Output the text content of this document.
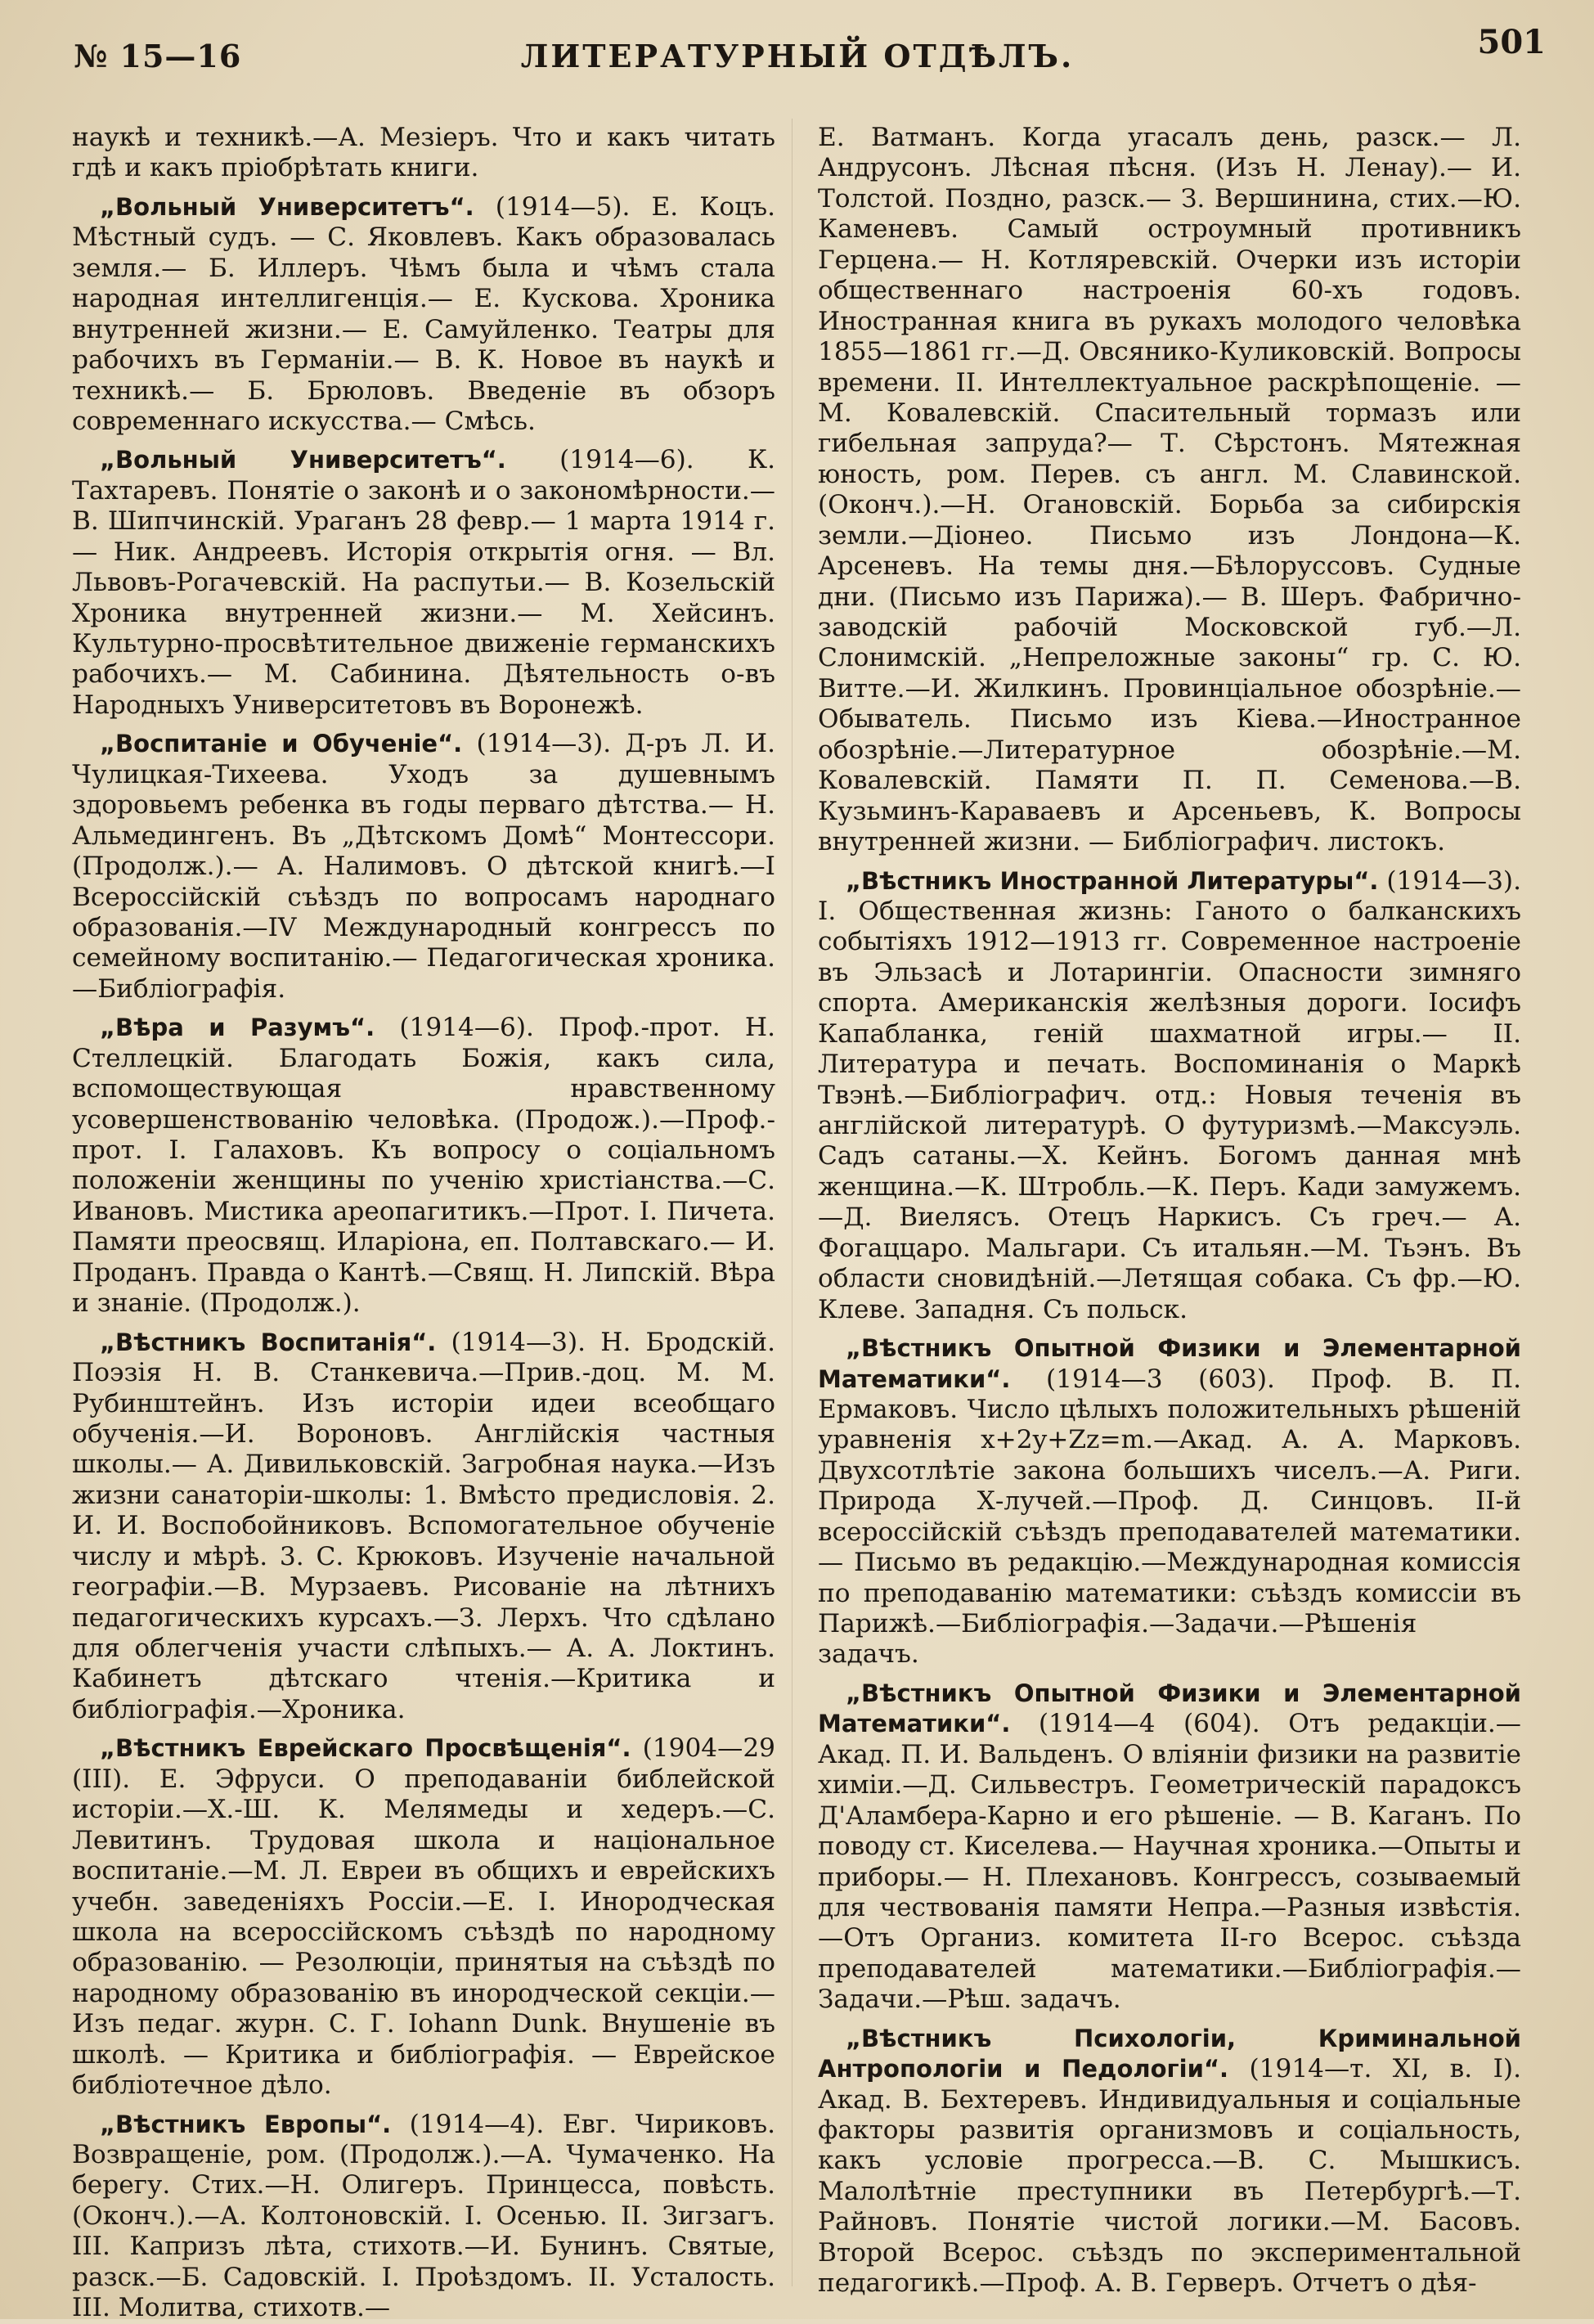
№ 15—16	ЛИТЕРАТУРНЫЙ ОТДѢЛЪ.	501

наукѣ и техникѣ.—А. Мезіеръ. Что и какъ читать гдѣ и какъ пріобрѣтать книги.

„Вольный Университетъ“. (1914—5). Е. Коцъ. Мѣстный судъ. — С. Яковлевъ. Какъ образовалась земля.— Б. Иллеръ. Чѣмъ была и чѣмъ стала народная интеллигенція.— Е. Кускова. Хроника внутренней жизни.— Е. Самуйленко. Театры для рабочихъ въ Германіи.— В. К. Новое въ наукѣ и техникѣ.— Б. Брюловъ. Введеніе въ обзоръ современнаго искусства.— Смѣсь.

„Вольный Университетъ“. (1914—6). К. Тахтаревъ. Понятіе о законѣ и о закономѣрности.— В. Шипчинскій. Ураганъ 28 февр.— 1 марта 1914 г.— Ник. Андреевъ. Исторія открытія огня. — Вл. Львовъ-Рогачевскій. На распутьи.— В. Козельскій Хроника внутренней жизни.— М. Хейсинъ. Культурно-просвѣтительное движеніе германскихъ рабочихъ.— М. Сабинина. Дѣятельность о-въ Народныхъ Университетовъ въ Воронежѣ.

„Воспитаніе и Обученіе“. (1914—3). Д-ръ Л. И. Чулицкая-Тихеева. Уходъ за душевнымъ здоровьемъ ребенка въ годы перваго дѣтства.— Н. Альмедингенъ. Въ „Дѣтскомъ Домѣ“ Монтессори. (Продолж.).— А. Налимовъ. О дѣтской книгѣ.—I Всероссійскій съѣздъ по вопросамъ народнаго образованія.—IV Международный конгрессъ по семейному воспитанію.— Педагогическая хроника.—Библіографія.

„Вѣра и Разумъ“. (1914—6). Проф.-прот. Н. Стеллецкій. Благодать Божія, какъ сила, вспомоществующая нравственному усовершенствованію человѣка. (Продож.).—Проф.-прот. І. Галаховъ. Къ вопросу о соціальномъ положеніи женщины по ученію христіанства.—С. Ивановъ. Мистика ареопагитикъ.—Прот. І. Пичета. Памяти преосвящ. Иларіона, еп. Полтавскаго.— И. Проданъ. Правда о Кантѣ.—Свящ. Н. Липскій. Вѣра и знаніе. (Продолж.).

„Вѣстникъ Воспитанія“. (1914—3). Н. Бродскій. Поэзія Н. В. Станкевича.—Прив.-доц. М. М. Рубинштейнъ. Изъ исторіи идеи всеобщаго обученія.—И. Вороновъ. Англійскія частныя школы.— А. Дивильковскій. Загробная наука.—Изъ жизни санаторіи-школы: 1. Вмѣсто предисловія. 2. И. И. Воспобойниковъ. Вспомогательное обученіе числу и мѣрѣ. 3. С. Крюковъ. Изученіе начальной географіи.—В. Мурзаевъ. Рисованіе на лѣтнихъ педагогическихъ курсахъ.—З. Лерхъ. Что сдѣлано для облегченія участи слѣпыхъ.— А. А. Локтинъ. Кабинетъ дѣтскаго чтенія.—Критика и библіографія.—Хроника.

„Вѣстникъ Еврейскаго Просвѣщенія“. (1904—29 (III). Е. Эфруси. О преподаваніи библейской исторіи.—Х.-Ш. К. Мелямеды и хедеръ.—С. Левитинъ. Трудовая школа и національное воспитаніе.—М. Л. Евреи въ общихъ и еврейскихъ учебн. заведеніяхъ Россіи.—Е. І. Инородческая школа на всероссійскомъ съѣздѣ по народному образованію. — Резолюціи, принятыя на съѣздѣ по народному образованію въ инородческой секціи.—Изъ педаг. журн. С. Г. Іоhann Dunk. Внушеніе въ школѣ. — Критика и библіографія. — Еврейское библіотечное дѣло.

„Вѣстникъ Европы“. (1914—4). Евг. Чириковъ. Возвращеніе, ром. (Продолж.).—А. Чумаченко. На берегу. Стих.—Н. Олигеръ. Принцесса, повѣсть. (Оконч.).—А. Колтоновскій. І. Осенью. II. Зигзагъ. III. Капризъ лѣта, стихотв.—И. Бунинъ. Святые, разск.—Б. Садовскій. І. Проѣздомъ. II. Усталость. III. Молитва, стихотв.—

Е. Ватманъ. Когда угасалъ день, разск.— Л. Андрусонъ. Лѣсная пѣсня. (Изъ Н. Ленау).— И. Толстой. Поздно, разск.— З. Вершинина, стих.—Ю. Каменевъ. Самый остроумный противникъ Герцена.— Н. Котляревскій. Очерки изъ исторіи общественнаго настроенія 60-хъ годовъ. Иностранная книга въ рукахъ молодого человѣка 1855—1861 гг.—Д. Овсянико-Куликовскій. Вопросы времени. II. Интеллектуальное раскрѣпощеніе. — М. Ковалевскій. Спасительный тормазъ или гибельная запруда?— Т. Сѣрстонъ. Мятежная юность, ром. Перев. съ англ. М. Славинской. (Оконч.).—Н. Огановскій. Борьба за сибирскія земли.—Діонео. Письмо изъ Лондона—К. Арсеневъ. На темы дня.—Бѣлоруссовъ. Судные дни. (Письмо изъ Парижа).— В. Шеръ. Фабрично-заводскій рабочій Московской губ.—Л. Слонимскій. „Непреложные законы“ гр. С. Ю. Витте.—И. Жилкинъ. Провинціальное обозрѣніе.—Обыватель. Письмо изъ Кіева.—Иностранное обозрѣніе.—Литературное обозрѣніе.—М. Ковалевскій. Памяти П. П. Семенова.—В. Кузьминъ-Караваевъ и Арсеньевъ, К. Вопросы внутренней жизни. — Библіографич. листокъ.

„Вѣстникъ Иностранной Литературы“. (1914—3). I. Общественная жизнь: Ганото о балканскихъ событіяхъ 1912—1913 гг. Современное настроеніе въ Эльзасѣ и Лотарингіи. Опасности зимняго спорта. Американскія желѣзныя дороги. Іосифъ Капабланка, геній шахматной игры.— II. Литература и печать. Воспоминанія о Маркѣ Твэнѣ.—Библіографич. отд.: Новыя теченія въ англійской литературѣ. О футуризмѣ.—Максуэль. Садъ сатаны.—Х. Кейнъ. Богомъ данная мнѣ женщина.—К. Штробль.—К. Перъ. Кади замужемъ.—Д. Виелясъ. Отецъ Наркисъ. Съ греч.— А. Фогаццаро. Мальгари. Съ итальян.—М. Тьэнъ. Въ области сновидѣній.—Летящая собака. Съ фр.—Ю. Клеве. Западня. Съ польск.

„Вѣстникъ Опытной Физики и Элементарной Математики“. (1914—3 (603). Проф. В. П. Ермаковъ. Число цѣлыхъ положительныхъ рѣшеній уравненія x+2y+Zz=m.—Акад. А. А. Марковъ. Двухсотлѣтіе закона большихъ чиселъ.—А. Риги. Природа Х-лучей.—Проф. Д. Синцовъ. II-й всероссійскій съѣздъ преподавателей математики.— Письмо въ редакцію.—Международная комиссія по преподаванію математики: съѣздъ комиссіи въ Парижѣ.—Библіографія.—Задачи.—Рѣшенія задачъ.

„Вѣстникъ Опытной Физики и Элементарной Математики“. (1914—4 (604). Отъ редакціи.— Акад. П. И. Вальденъ. О вліяніи физики на развитіе химіи.—Д. Сильвестръ. Геометрическій парадоксъ Д'Аламбера-Карно и его рѣшеніе. — В. Каганъ. По поводу ст. Киселева.— Научная хроника.—Опыты и приборы.— Н. Плехановъ. Конгрессъ, созываемый для чествованія памяти Непра.—Разныя извѣстія.—Отъ Организ. комитета II-го Всерос. съѣзда преподавателей математики.—Библіографія.—Задачи.—Рѣш. задачъ.

„Вѣстникъ Психологіи, Криминальной Антропологіи и Педологіи“. (1914—т. XI, в. I). Акад. В. Бехтеревъ. Индивидуальныя и соціальные факторы развитія организмовъ и соціальность, какъ условіе прогресса.—В. С. Мышкисъ. Малолѣтніе преступники въ Петербургѣ.—Т. Райновъ. Понятіе чистой логики.—М. Басовъ. Второй Всерос. съѣздъ по экспериментальной педагогикѣ.—Проф. А. В. Герверъ. Отчетъ о дѣя-
